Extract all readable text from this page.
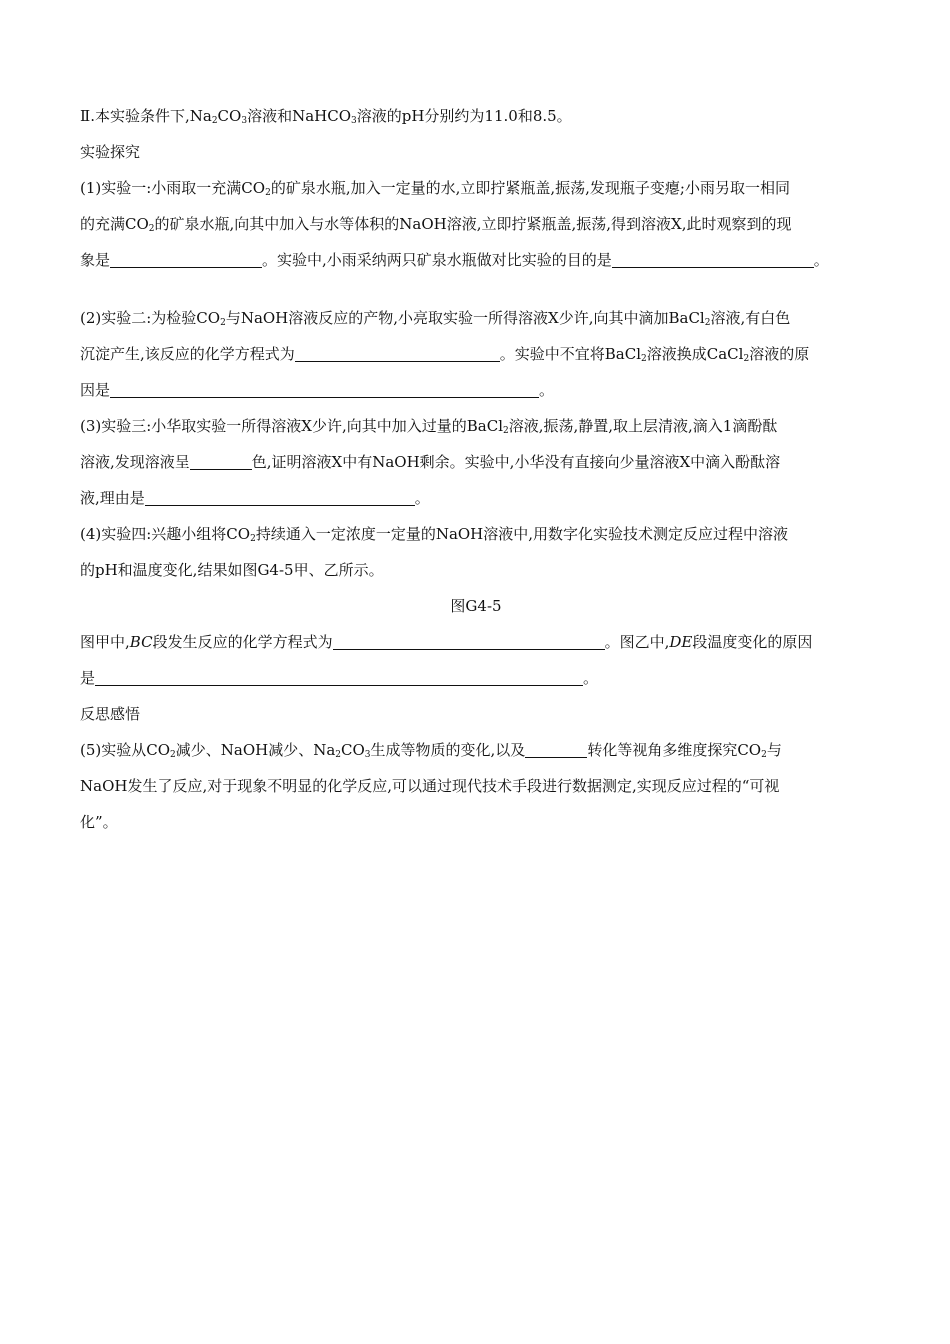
Ⅱ.本实验条件下$,Na_2CO_3$溶液和NaHCO$_3$溶液的pH分别约为11.0和8.5。

实验探究

(1)实验一:小雨取一充满$CO_2$的矿泉水瓶,加入一定量的水,立即拧紧瓶盖,振荡,发现瓶子变瘪;小雨另取一相同

的充满$CO_2$的矿泉水瓶,向其中加入与水等体积的NaOH溶液,立即拧紧瓶盖,振荡,得到溶液X,此时观察到的现

象是	。实验中,小雨采纳两只矿泉水瓶做对比实验的目的是	。

(2)实验二:为检验$CO_2$与NaOH溶液反应的产物,小亮取实验一所得溶液X少许,向其中滴加BaCl$_2$溶液,有白色

沉淀产生,该反应的化学方程式为	。实验中不宜将BaCl$_2$溶液换成CaCl$_2$溶液的原

因是	。

(3)实验三:小华取实验一所得溶液X少许,向其中加入过量的BaCl$_2$溶液,振荡,静置,取上层清液,滴入1滴酚酞

溶液,发现溶液呈	色,证明溶液X中有NaOH剩余。实验中,小华没有直接向少量溶液X中滴入酚酞溶

液,理由是	。

(4)实验四:兴趣小组将$CO_2$持续通入一定浓度一定量的NaOH溶液中,用数字化实验技术测定反应过程中溶液

的pH和温度变化,结果如图G4-5甲、乙所示。

图G4-5

图甲中,BC段发生反应的化学方程式为	。图乙中,DE段温度变化的原因

是	。

反思感悟

(5)实验从$CO_2$减少、NaOH减少、$Na_2CO_3$生成等物质的变化,以及	转化等视角多维度探究$CO_2$与

NaOH发生了反应,对于现象不明显的化学反应,可以通过现代技术手段进行数据测定,实现反应过程的“可视

化”。
